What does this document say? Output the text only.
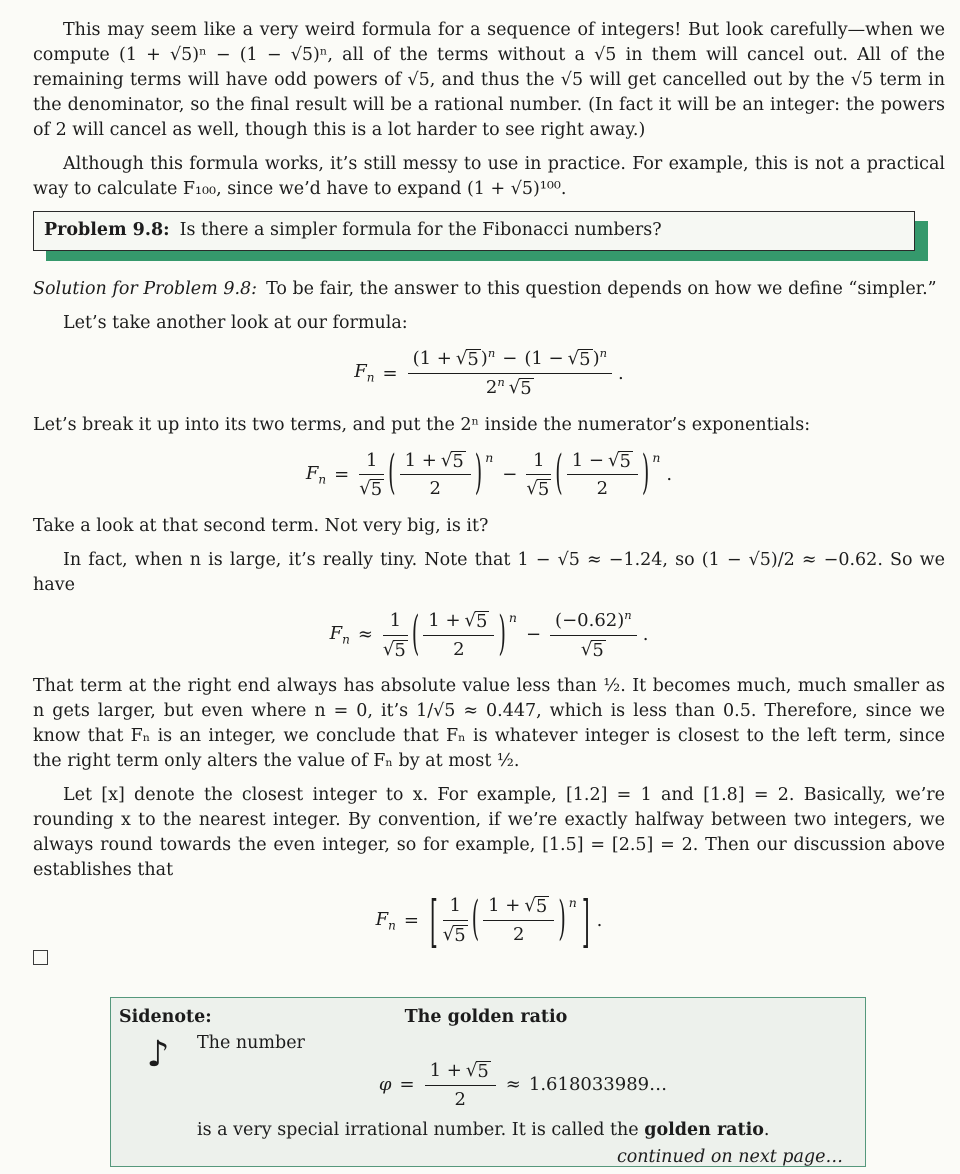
This may seem like a very weird formula for a sequence of integers! But look carefully—when we compute (1 + √5)ⁿ − (1 − √5)ⁿ, all of the terms without a √5 in them will cancel out. All of the remaining terms will have odd powers of √5, and thus the √5 will get cancelled out by the √5 term in the denominator, so the final result will be a rational number. (In fact it will be an integer: the powers of 2 will cancel as well, though this is a lot harder to see right away.)

Although this formula works, it’s still messy to use in practice. For example, this is not a practical way to calculate F₁₀₀, since we’d have to expand (1 + √5)¹⁰⁰.

Problem 9.8: Is there a simpler formula for the Fibonacci numbers?

Solution for Problem 9.8: To be fair, the answer to this question depends on how we define “simpler.”

Let’s take another look at our formula:

$F_n = \frac{(1 + √ 5 )^n - (1 - √ 5 )^n}{2^n √ 5}$ .

Let’s break it up into its two terms, and put the 2ⁿ inside the numerator’s exponentials:

$F_n = \frac{1}{√ 5}$ ( $\frac{1 + √ 5}{2} )^n$
− $\frac{1}{√ 5}$ ( $\frac{1 - √ 5}{2} )^n$
.

Take a look at that second term. Not very big, is it?

In fact, when n is large, it’s really tiny. Note that 1 − √5 ≈ −1.24, so (1 − √5)/2 ≈ −0.62. So we have

$F_n \approx \frac{1}{√ 5}$ ( $\frac{1 + √ 5}{2} )^n$
− $\frac{(-0.62)^n}{√ 5}$ .

That term at the right end always has absolute value less than ½. It becomes much, much smaller as n gets larger, but even where n = 0, it’s 1/√5 ≈ 0.447, which is less than 0.5. Therefore, since we know that Fₙ is an integer, we conclude that Fₙ is whatever integer is closest to the left term, since the right term only alters the value of Fₙ by at most ½.

Let [x] denote the closest integer to x. For example, [1.2] = 1 and [1.8] = 2. Basically, we’re rounding x to the nearest integer. By convention, if we’re exactly halfway between two integers, we always round towards the even integer, so for example, [1.5] = [2.5] = 2. Then our discussion above establishes that

$F_n$ = [ $\frac{1}{√ 5}$ ( $\frac{1 + √ 5}{2} )^n$ ] .
Sidenote:	The golden ratio
♪	The number

$\varphi = \frac{1 + √ 5}{2}$ ≈ 1.618033989…

is a very special irrational number. It is called the golden ratio.

continued on next page…
